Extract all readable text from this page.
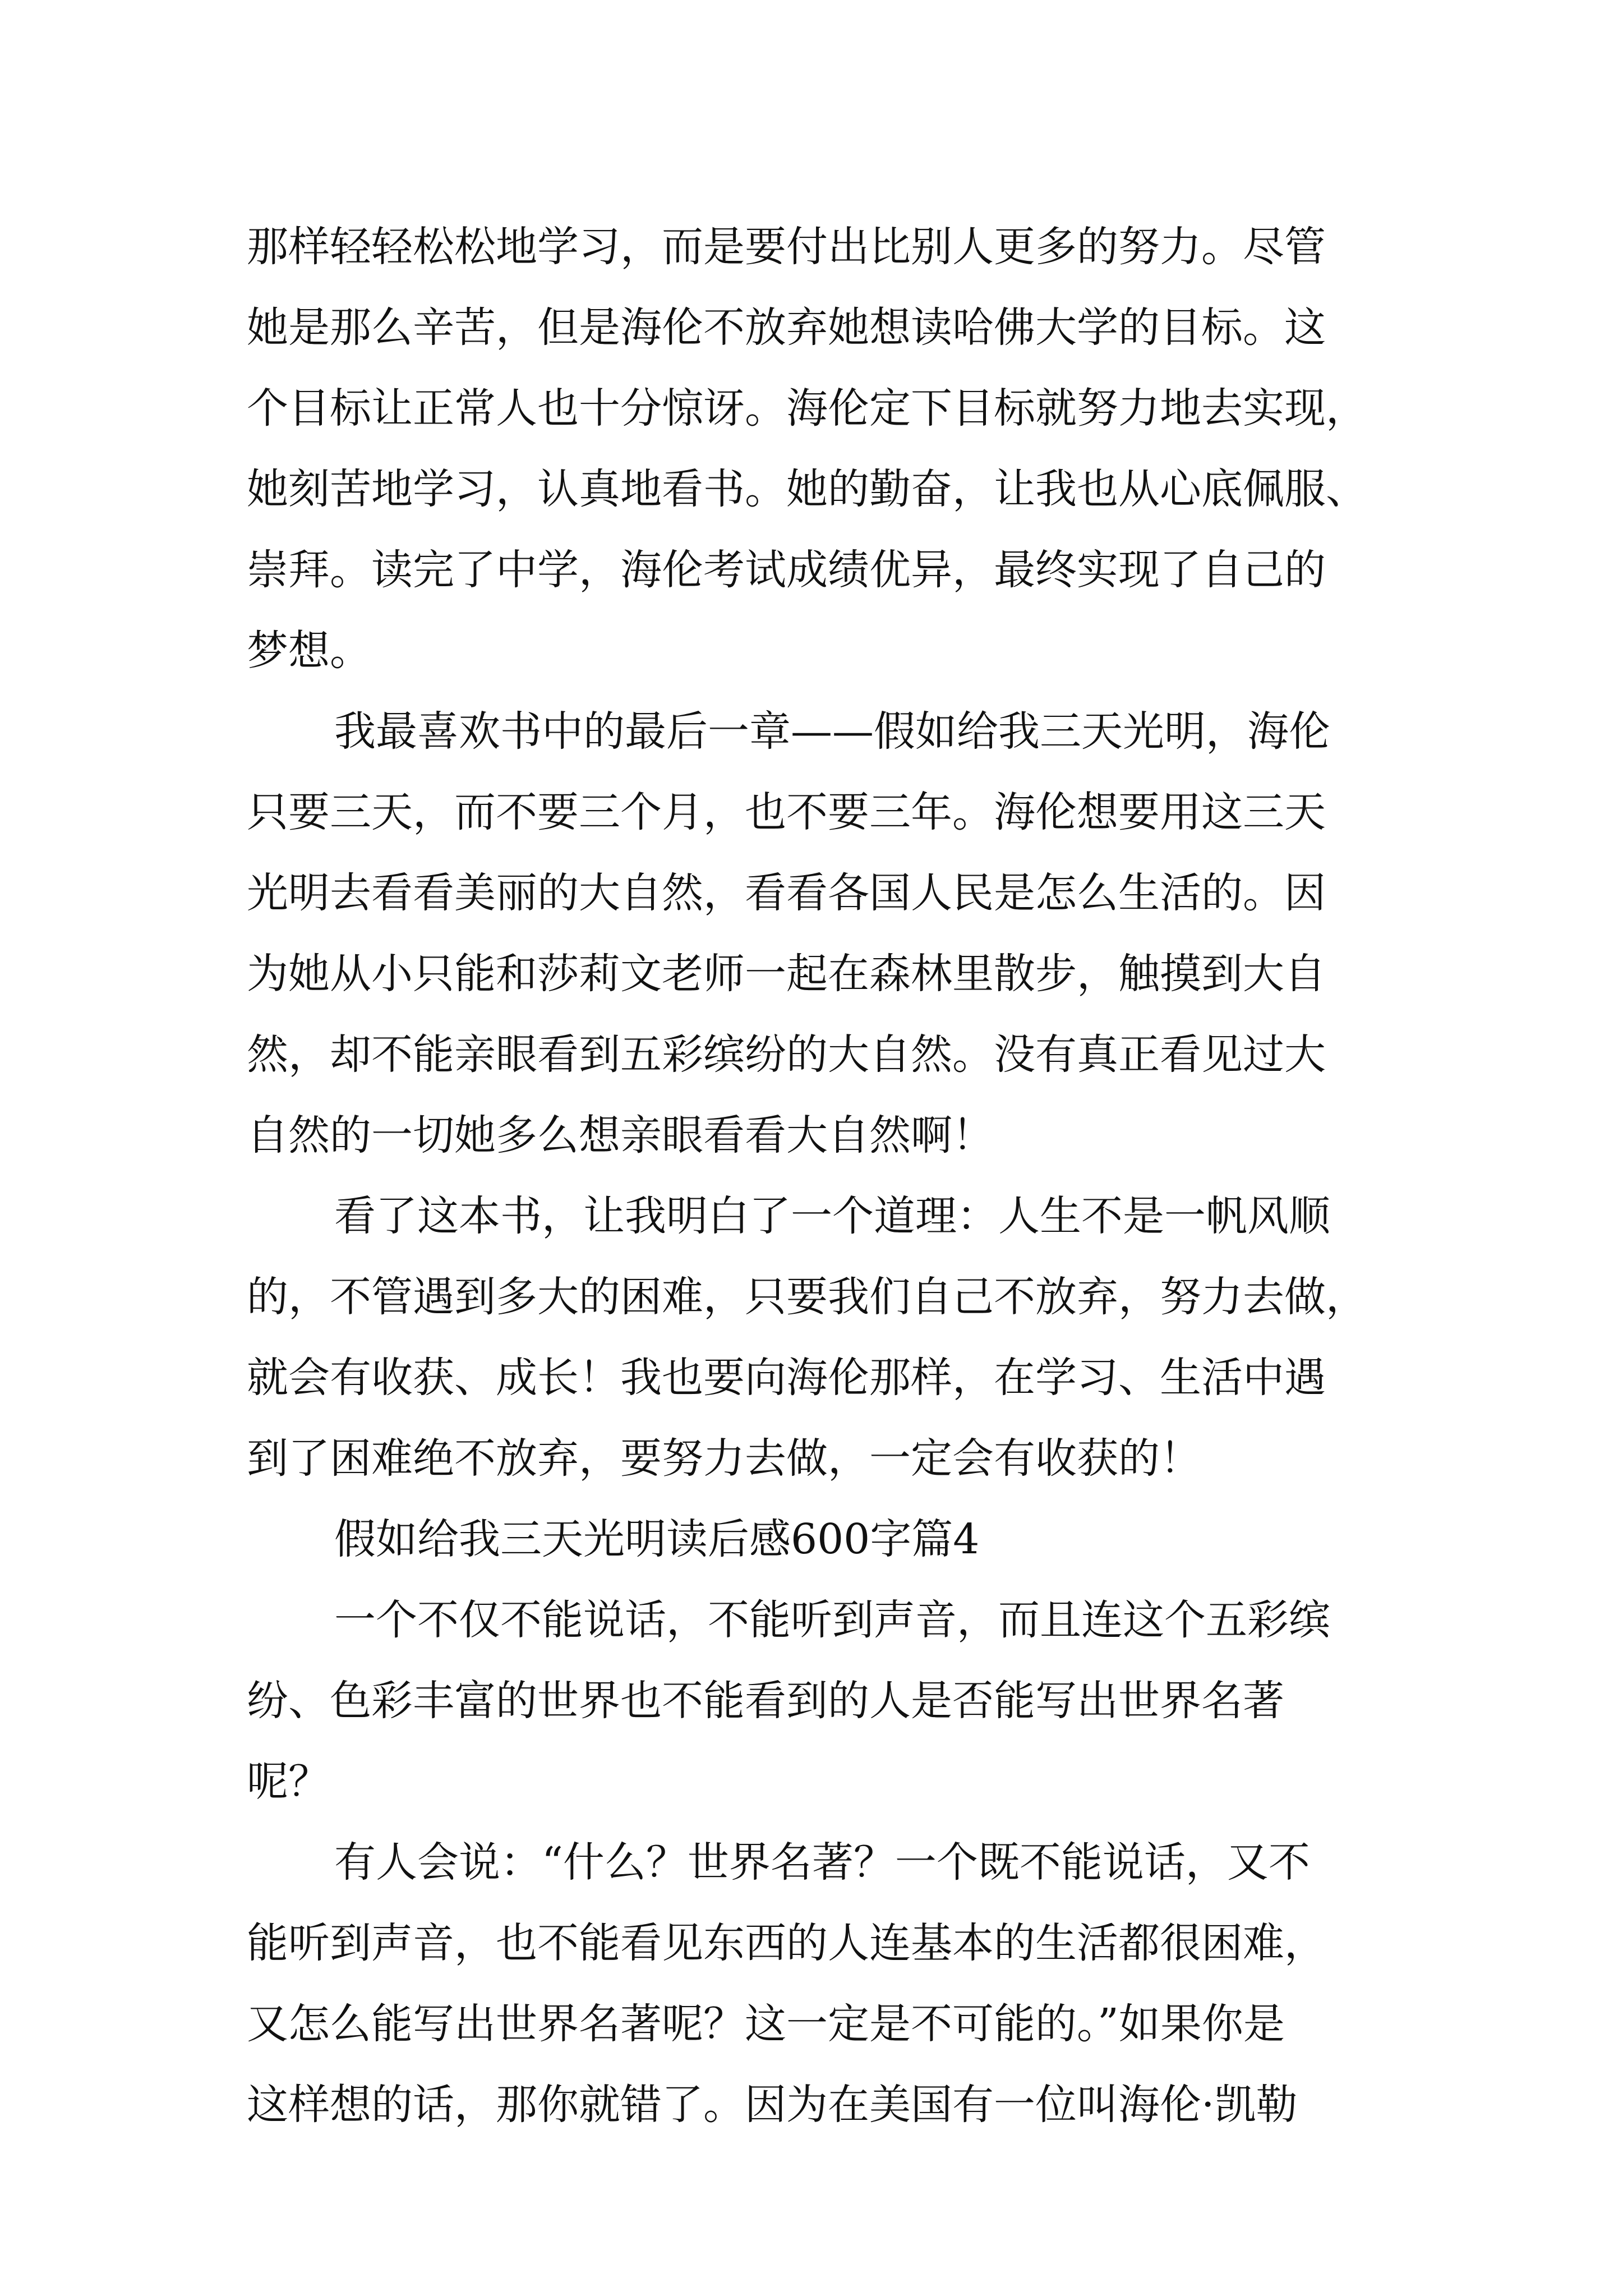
那样轻轻松松地学习，而是要付出比别人更多的努力。尽管
她是那么辛苦，但是海伦不放弃她想读哈佛大学的目标。这
个目标让正常人也十分惊讶。海伦定下目标就努力地去实现，
她刻苦地学习，认真地看书。她的勤奋，让我也从心底佩服、
崇拜。读完了中学，海伦考试成绩优异，最终实现了自己的
梦想。
我最喜欢书中的最后一章——假如给我三天光明，海伦
只要三天，而不要三个月，也不要三年。海伦想要用这三天
光明去看看美丽的大自然，看看各国人民是怎么生活的。因
为她从小只能和莎莉文老师一起在森林里散步，触摸到大自
然，却不能亲眼看到五彩缤纷的大自然。没有真正看见过大
自然的一切她多么想亲眼看看大自然啊！
看了这本书，让我明白了一个道理：人生不是一帆风顺
的，不管遇到多大的困难，只要我们自己不放弃，努力去做，
就会有收获、成长！我也要向海伦那样，在学习、生活中遇
到了困难绝不放弃，要努力去做，一定会有收获的！
假如给我三天光明读后感600字篇4
一个不仅不能说话，不能听到声音，而且连这个五彩缤
纷、色彩丰富的世界也不能看到的人是否能写出世界名著
呢？
有人会说：“什么？世界名著？一个既不能说话，又不
能听到声音，也不能看见东西的人连基本的生活都很困难，
又怎么能写出世界名著呢？这一定是不可能的。”如果你是
这样想的话，那你就错了。因为在美国有一位叫海伦·凯勒
